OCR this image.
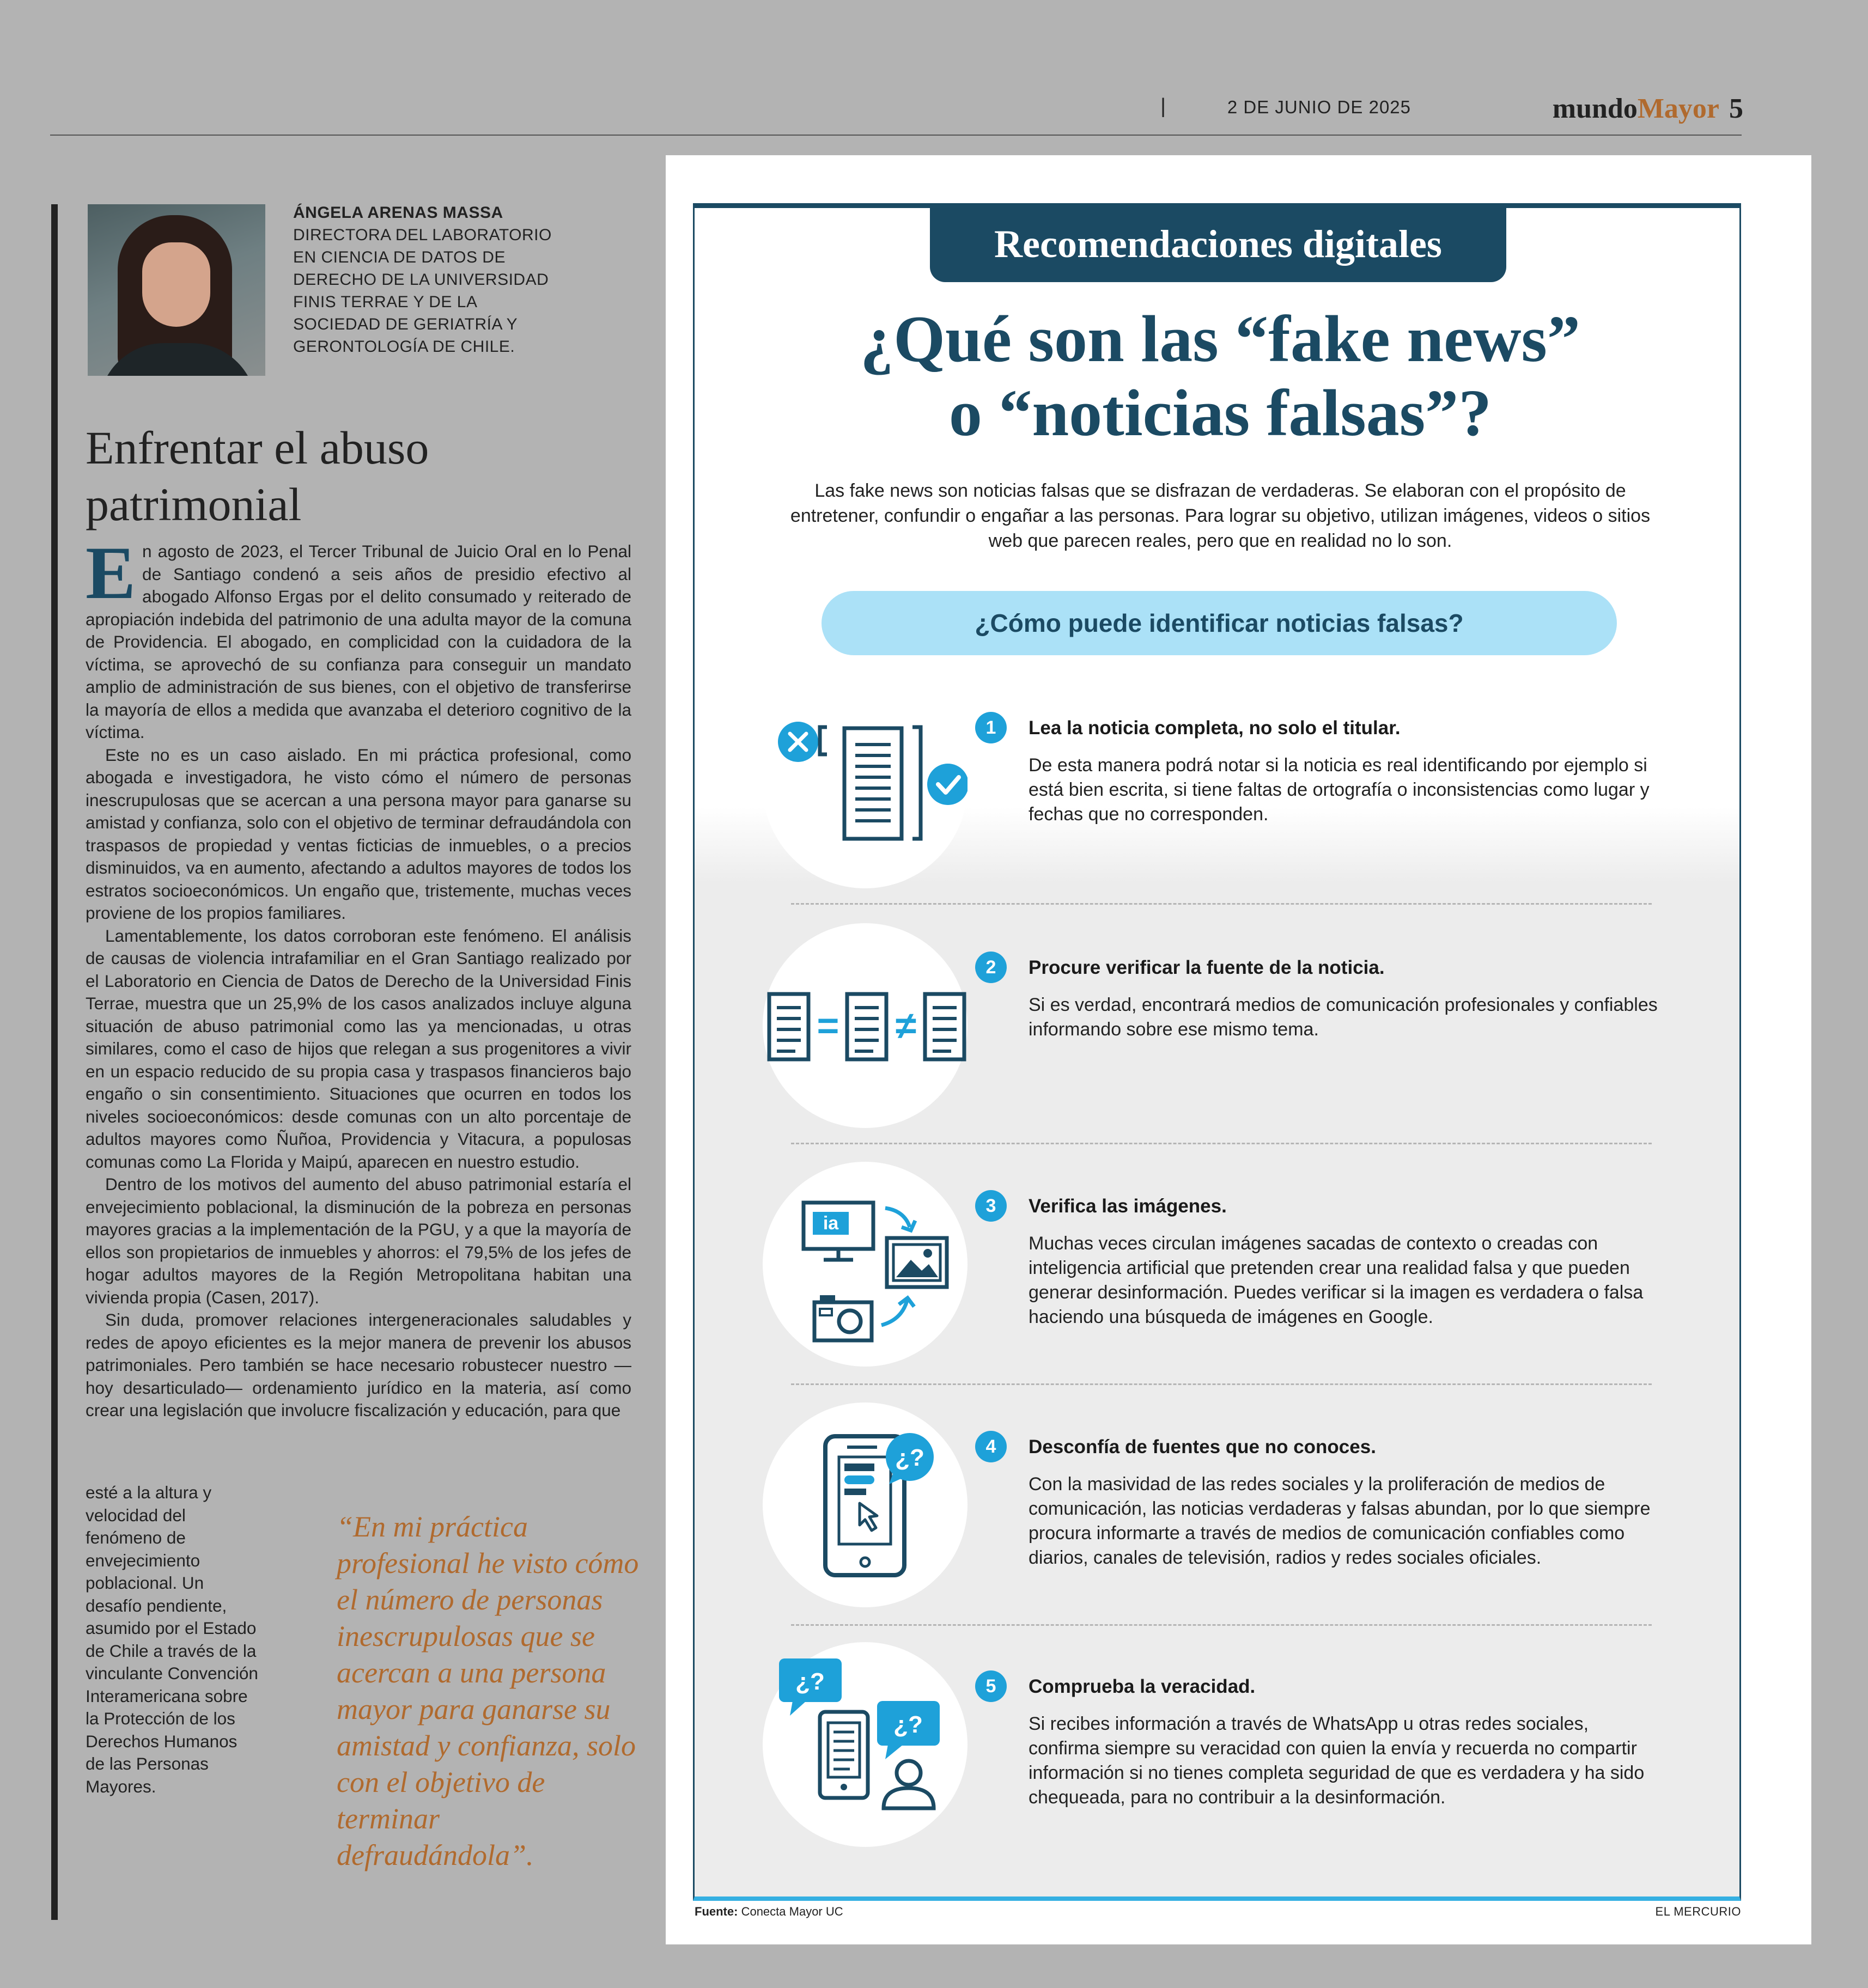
|	2 DE JUNIO DE 2025	mundoMayor 5
ÁNGELA ARENAS MASSA
DIRECTORA DEL LABORATORIO
EN CIENCIA DE DATOS DE
DERECHO DE LA UNIVERSIDAD
FINIS TERRAE Y DE LA
SOCIEDAD DE GERIATRÍA Y
GERONTOLOGÍA DE CHILE.
Enfrentar el abuso patrimonial

En agosto de 2023, el Tercer Tribunal de Juicio Oral en lo Penal de Santiago condenó a seis años de presidio efectivo al abogado Alfonso Ergas por el delito consumado y reiterado de apropiación indebida del patrimonio de una adulta mayor de la comuna de Providencia. El abogado, en complicidad con la cuidadora de la víctima, se aprovechó de su confianza para conseguir un mandato amplio de administración de sus bienes, con el objetivo de transferirse la mayoría de ellos a medida que avanzaba el deterioro cognitivo de la víctima.

Este no es un caso aislado. En mi práctica profesional, como abogada e investigadora, he visto cómo el número de personas inescrupulosas que se acercan a una persona mayor para ganarse su amistad y confianza, solo con el objetivo de terminar defraudándola con traspasos de propiedad y ventas ficticias de inmuebles, o a precios disminuidos, va en aumento, afectando a adultos mayores de todos los estratos socioeconómicos. Un engaño que, tristemente, muchas veces proviene de los propios familiares.

Lamentablemente, los datos corroboran este fenómeno. El análisis de causas de violencia intrafamiliar en el Gran Santiago realizado por el Laboratorio en Ciencia de Datos de Derecho de la Universidad Finis Terrae, muestra que un 25,9% de los casos analizados incluye alguna situación de abuso patrimonial como las ya mencionadas, u otras similares, como el caso de hijos que relegan a sus progenitores a vivir en un espacio reducido de su propia casa y traspasos financieros bajo engaño o sin consentimiento. Situaciones que ocurren en todos los niveles socioeconómicos: desde comunas con un alto porcentaje de adultos mayores como Ñuñoa, Providencia y Vitacura, a populosas comunas como La Florida y Maipú, aparecen en nuestro estudio.

Dentro de los motivos del aumento del abuso patrimonial estaría el envejecimiento poblacional, la disminución de la pobreza en personas mayores gracias a la implementación de la PGU, y a que la mayoría de ellos son propietarios de inmuebles y ahorros: el 79,5% de los jefes de hogar adultos mayores de la Región Metropolitana habitan una vivienda propia (Casen, 2017).

Sin duda, promover relaciones intergeneracionales saludables y redes de apoyo eficientes es la mejor manera de prevenir los abusos patrimoniales. Pero también se hace necesario robustecer nuestro —hoy desarticulado— ordenamiento jurídico en la materia, así como crear una legislación que involucre fiscalización y educación, para que

esté a la altura y velocidad del fenómeno de envejecimiento poblacional. Un desafío pendiente, asumido por el Estado de Chile a través de la vinculante Convención Interamericana sobre la Protección de los Derechos Humanos de las Personas Mayores.
“En mi práctica profesional he visto cómo el número de personas inescrupulosas que se acercan a una persona mayor para ganarse su amistad y confianza, solo con el objetivo de terminar defraudándola”.
Recomendaciones digitales
¿Qué son las “fake news”
o “noticias falsas”?
Las fake news son noticias falsas que se disfrazan de verdaderas. Se elaboran con el propósito de entretener, confundir o engañar a las personas. Para lograr su objetivo, utilizan imágenes, videos o sitios web que parecen reales, pero que en realidad no lo son.
¿Cómo puede identificar noticias falsas?
1	Lea la noticia completa, no solo el titular.
De esta manera podrá notar si la noticia es real identificando por ejemplo si está bien escrita, si tiene faltas de ortografía o inconsistencias como lugar y fechas que no corresponden.
= ≠
2	Procure verificar la fuente de la noticia.
Si es verdad, encontrará medios de comunicación profesionales y confiables informando sobre ese mismo tema.
ia
3	Verifica las imágenes.
Muchas veces circulan imágenes sacadas de contexto o creadas con inteligencia artificial que pretenden crear una realidad falsa y que pueden generar desinformación. Puedes verificar si la imagen es verdadera o falsa haciendo una búsqueda de imágenes en Google.
¿?	4	Desconfía de fuentes que no conoces.
Con la masividad de las redes sociales y la proliferación de medios de comunicación, las noticias verdaderas y falsas abundan, por lo que siempre procura informarte a través de medios de comunicación confiables como diarios, canales de televisión, radios y redes sociales oficiales.
¿?
¿?
5	Comprueba la veracidad.
Si recibes información a través de WhatsApp u otras redes sociales, confirma siempre su veracidad con quien la envía y recuerda no compartir información si no tienes completa seguridad de que es verdadera y ha sido chequeada, para no contribuir a la desinformación.
Fuente: Conecta Mayor UC	EL MERCURIO
